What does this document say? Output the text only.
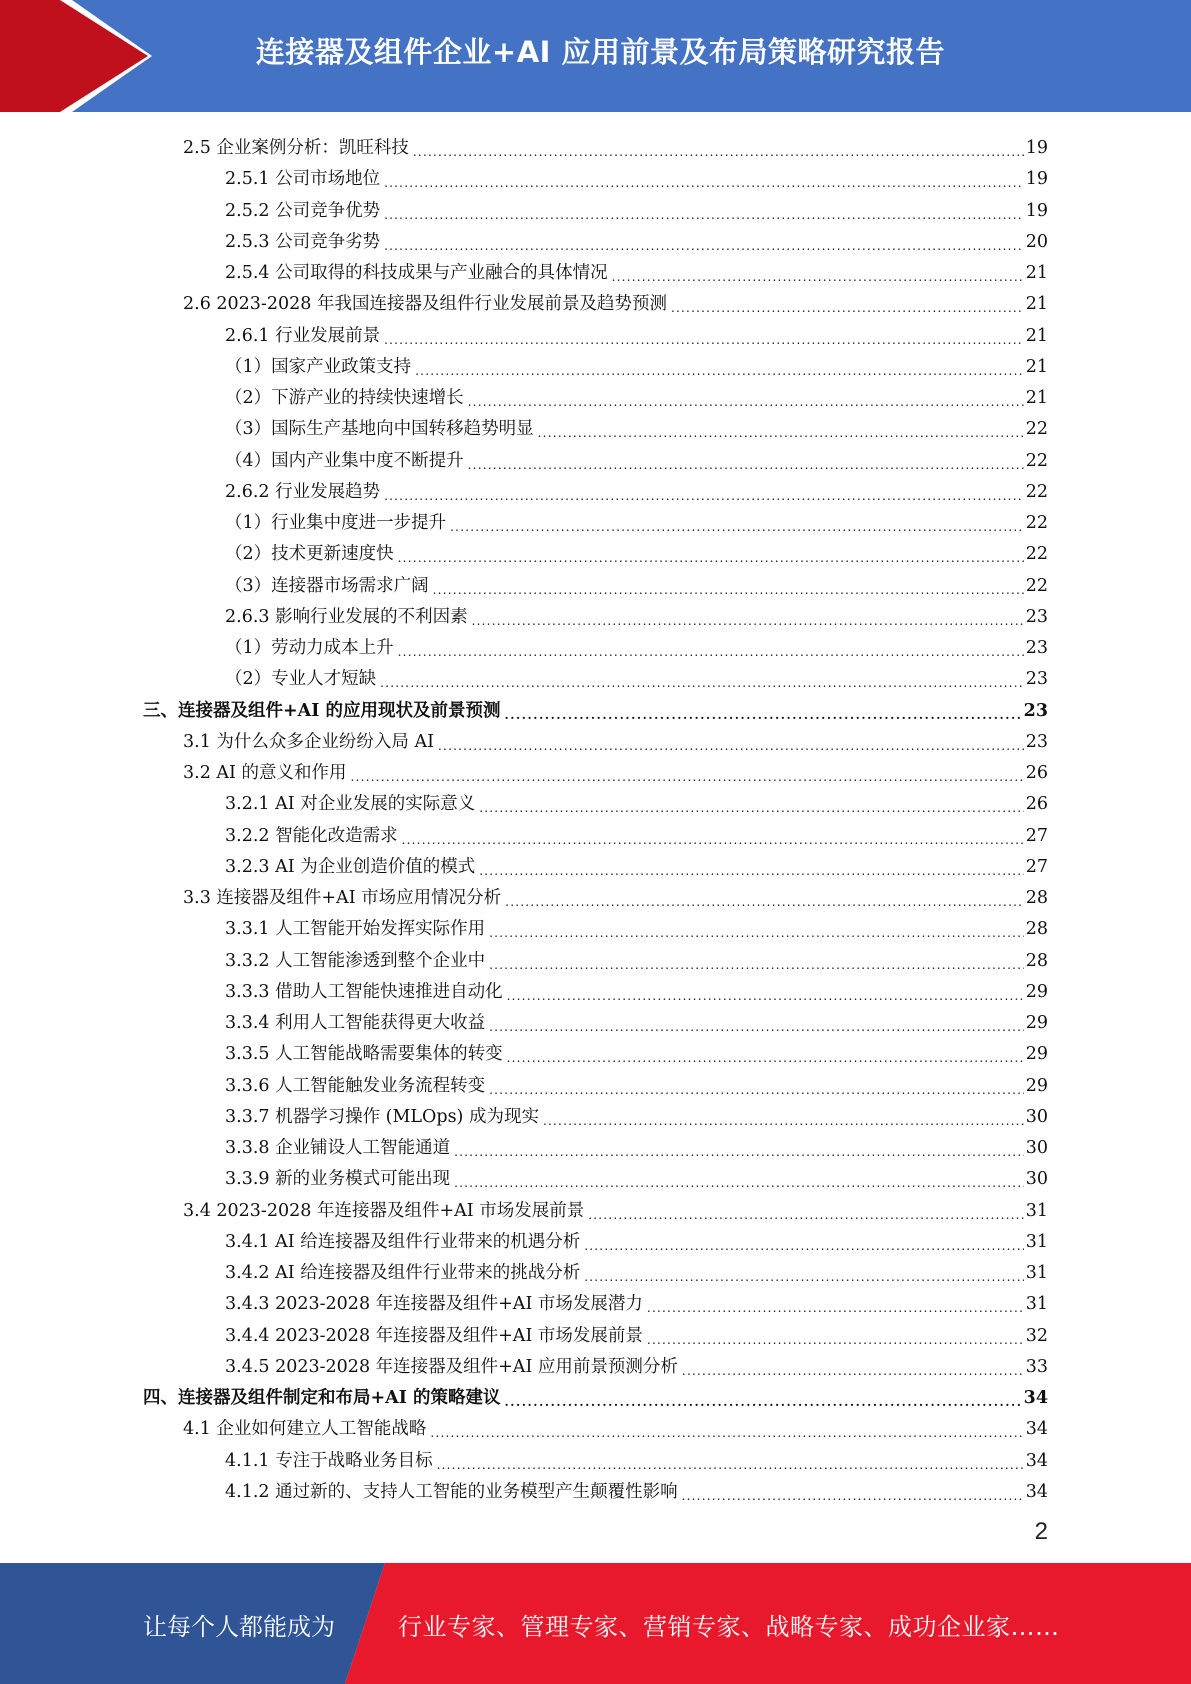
连接器及组件企业+AI 应用前景及布局策略研究报告
2.5 企业案例分析：凯旺科技 . . .	19
2.5.1 公司市场地位 . . .	19
2.5.2 公司竞争优势 . . .	19
2.5.3 公司竞争劣势 . . .	20
2.5.4 公司取得的科技成果与产业融合的具体情况 . . .	21
2.6 2023-2028 年我国连接器及组件行业发展前景及趋势预测 . . .	21
2.6.1 行业发展前景 . . .	21
（1）国家产业政策支持 . . .	21
（2）下游产业的持续快速增长 . . .	21
（3）国际生产基地向中国转移趋势明显 . . .	22
（4）国内产业集中度不断提升 . . .	22
2.6.2 行业发展趋势 . . .	22
（1）行业集中度进一步提升 . . .	22
（2）技术更新速度快 . . .	22
（3）连接器市场需求广阔 . . .	22
2.6.3 影响行业发展的不利因素 . . .	23
（1）劳动力成本上升 . . .	23
（2）专业人才短缺 . . .	23
三、连接器及组件+AI 的应用现状及前景预测 . . .	23
3.1 为什么众多企业纷纷入局 AI . . .	23
3.2 AI 的意义和作用 . . .	26
3.2.1 AI 对企业发展的实际意义 . . .	26
3.2.2 智能化改造需求 . . .	27
3.2.3 AI 为企业创造价值的模式 . . .	27
3.3 连接器及组件+AI 市场应用情况分析 . . .	28
3.3.1 人工智能开始发挥实际作用 . . .	28
3.3.2 人工智能渗透到整个企业中 . . .	28
3.3.3 借助人工智能快速推进自动化 . . .	29
3.3.4 利用人工智能获得更大收益 . . .	29
3.3.5 人工智能战略需要集体的转变 . . .	29
3.3.6 人工智能触发业务流程转变 . . .	29
3.3.7 机器学习操作 (MLOps) 成为现实 . . .	30
3.3.8 企业铺设人工智能通道 . . .	30
3.3.9 新的业务模式可能出现 . . .	30
3.4 2023-2028 年连接器及组件+AI 市场发展前景 . . .	31
3.4.1 AI 给连接器及组件行业带来的机遇分析 . . .	31
3.4.2 AI 给连接器及组件行业带来的挑战分析 . . .	31
3.4.3 2023-2028 年连接器及组件+AI 市场发展潜力 . . .	31
3.4.4 2023-2028 年连接器及组件+AI 市场发展前景 . . .	32
3.4.5 2023-2028 年连接器及组件+AI 应用前景预测分析 . . .	33
四、连接器及组件制定和布局+AI 的策略建议 . . .	34
4.1 企业如何建立人工智能战略 . . .	34
4.1.1 专注于战略业务目标 . . .	34
4.1.2 通过新的、支持人工智能的业务模型产生颠覆性影响 . . .	34
2
让每个人都能成为	行业专家、管理专家、营销专家、战略专家、成功企业家……
